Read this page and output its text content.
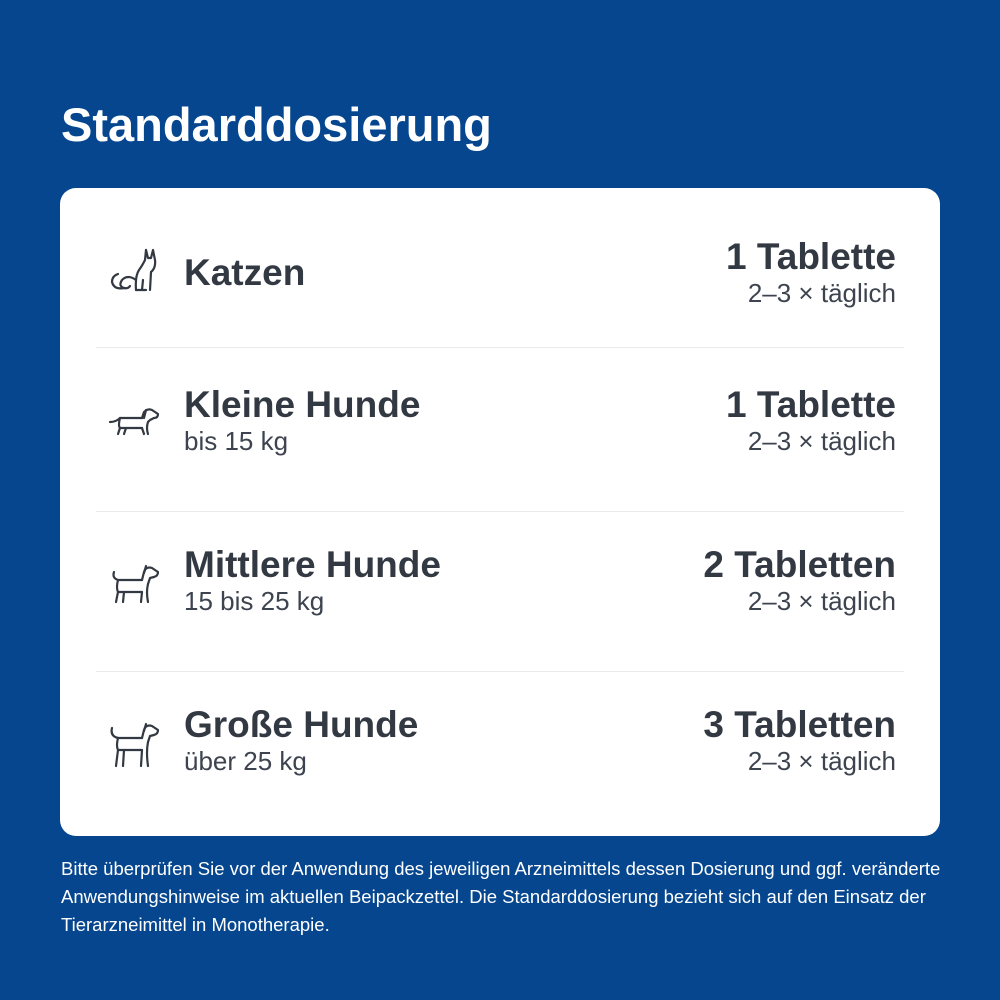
Standarddosierung
Katzen	1 Tablette
2–3 × täglich
Kleine Hunde
bis 15 kg
1 Tablette
2–3 × täglich
Mittlere Hunde
15 bis 25 kg
2 Tabletten
2–3 × täglich
Große Hunde
über 25 kg
3 Tabletten
2–3 × täglich

Bitte überprüfen Sie vor der Anwendung des jeweiligen Arzneimittels dessen Dosierung und ggf. veränderte Anwendungshinweise im aktuellen Beipackzettel. Die Standarddosierung bezieht sich auf den Einsatz der Tierarzneimittel in Monotherapie.
